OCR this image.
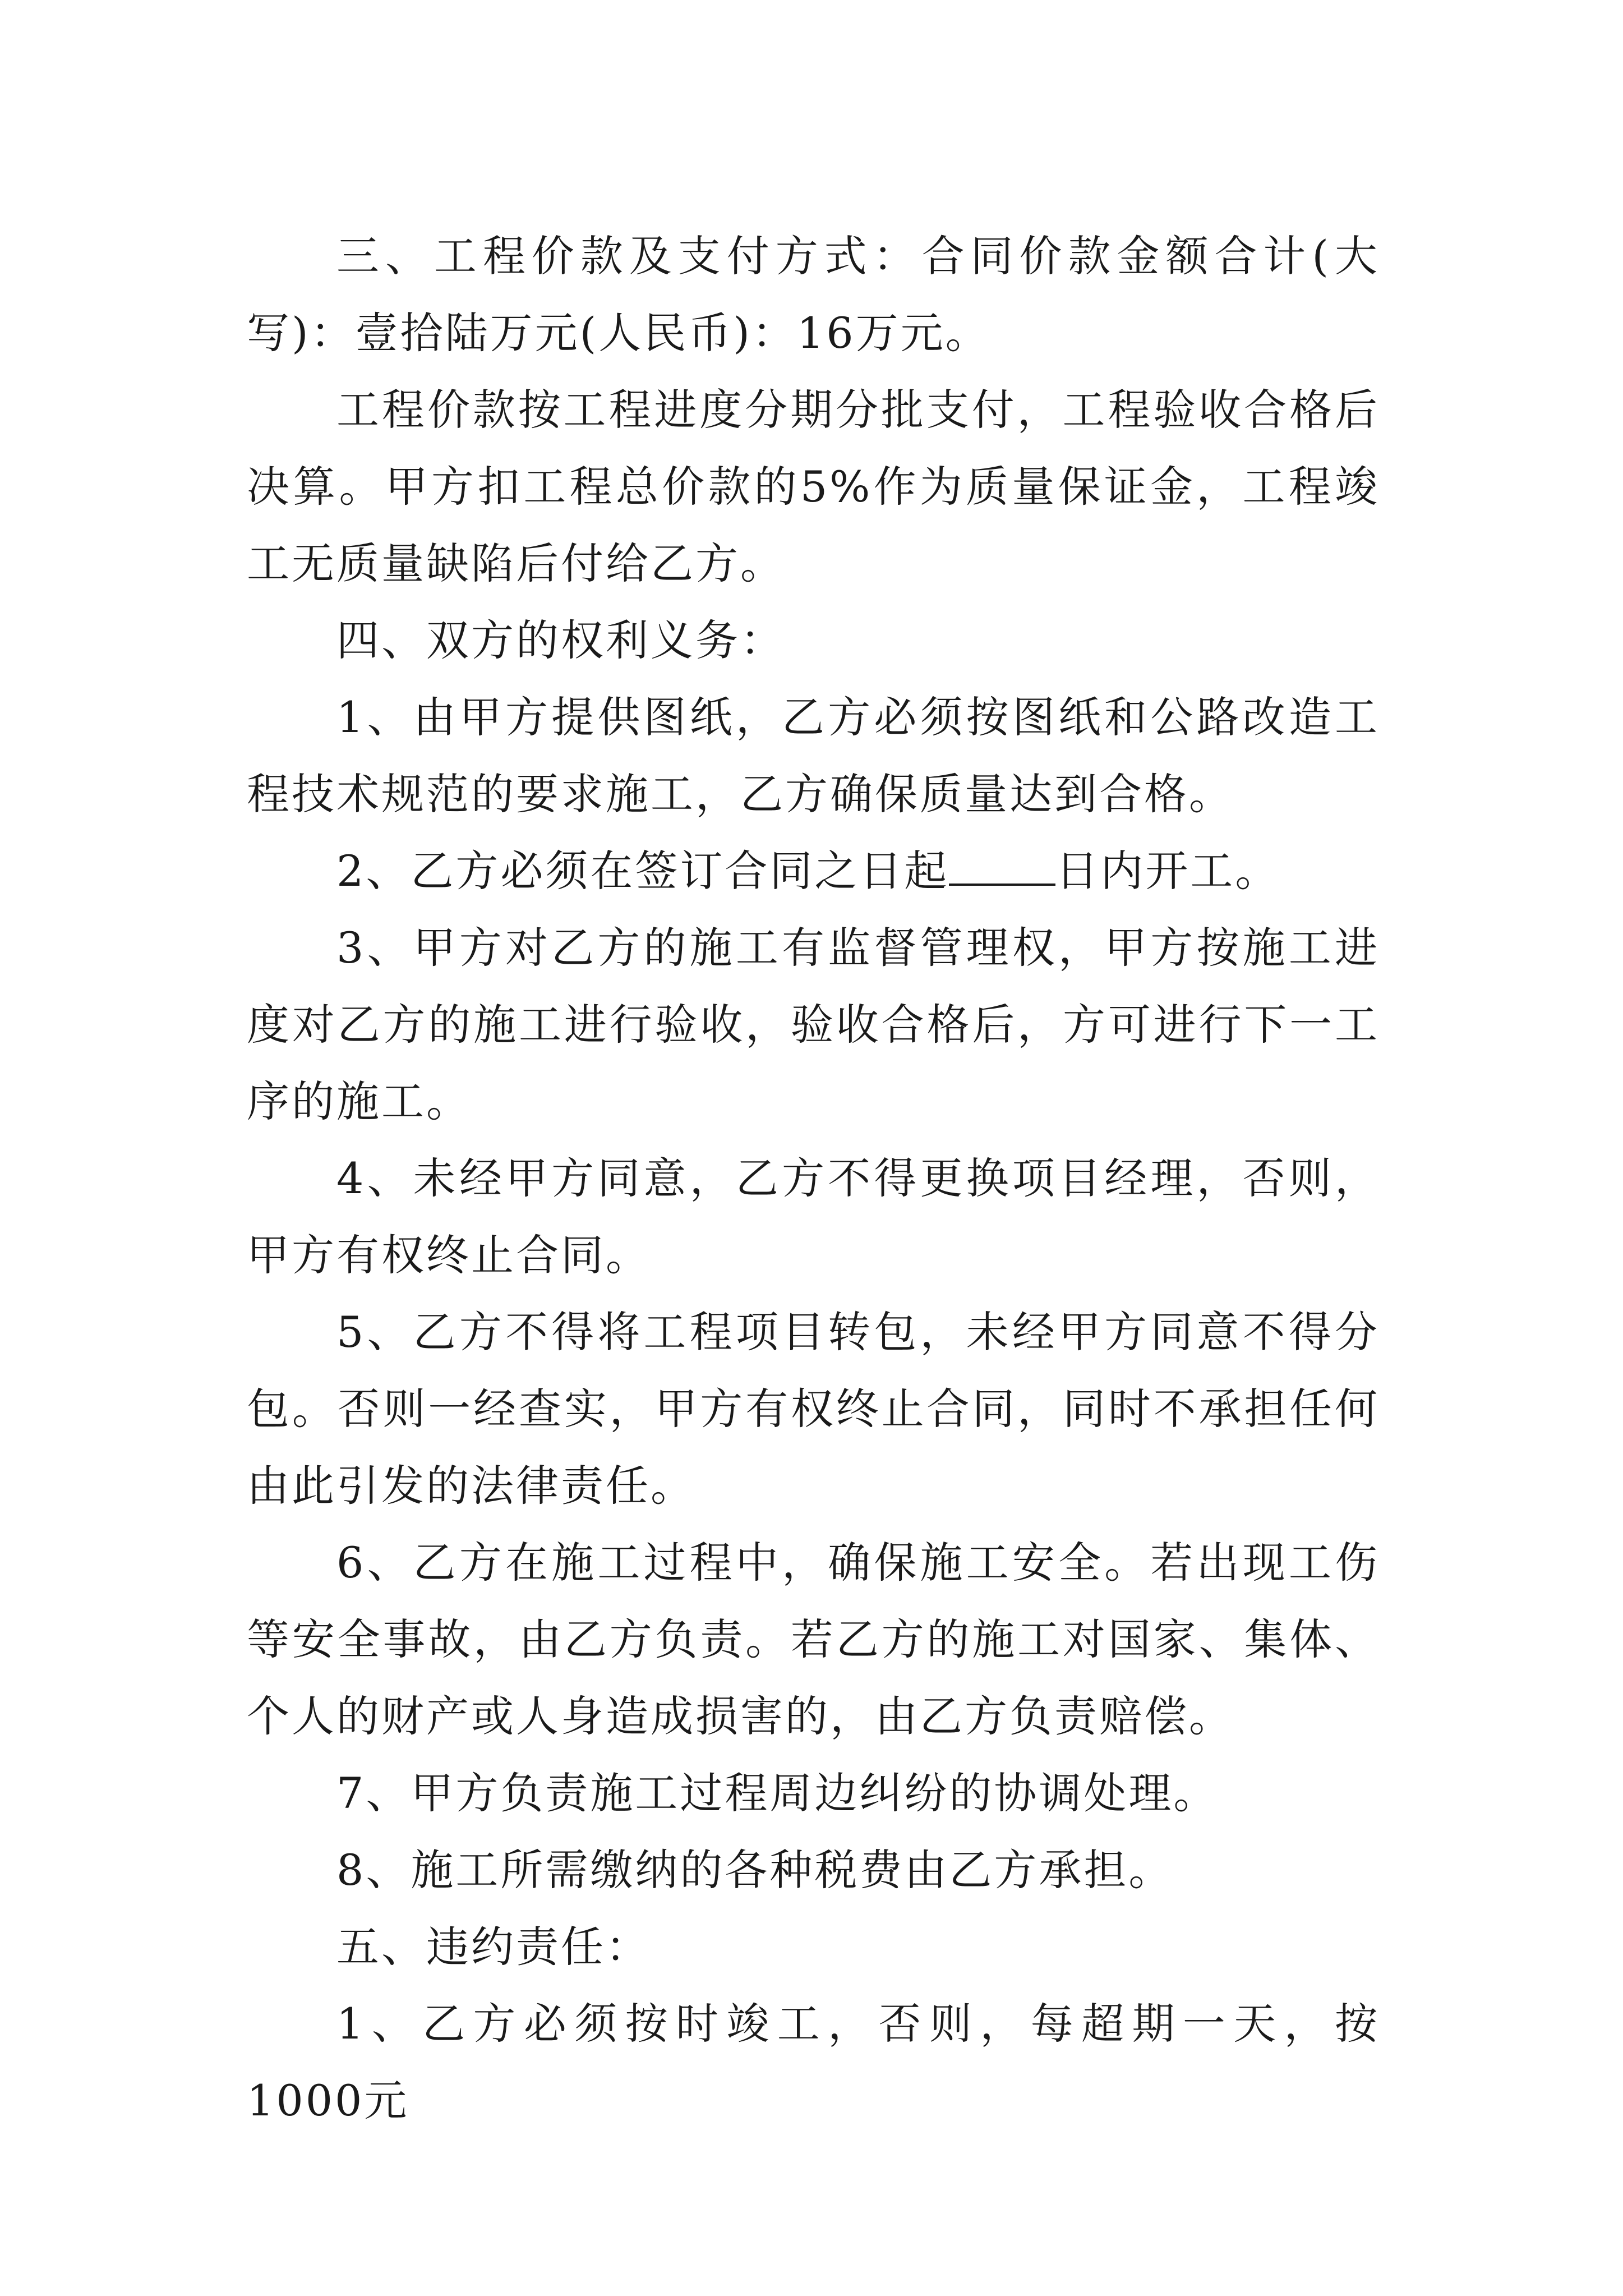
三、工程价款及支付方式：合同价款金额合计(大写)：壹拾陆万元(人民币)：16万元。

工程价款按工程进度分期分批支付，工程验收合格后决算。甲方扣工程总价款的5%作为质量保证金，工程竣工无质量缺陷后付给乙方。

四、双方的权利义务：

1、由甲方提供图纸，乙方必须按图纸和公路改造工程技术规范的要求施工，乙方确保质量达到合格。

2、乙方必须在签订合同之日起	日内开工。

3、甲方对乙方的施工有监督管理权，甲方按施工进度对乙方的施工进行验收，验收合格后，方可进行下一工序的施工。

4、未经甲方同意，乙方不得更换项目经理，否则，甲方有权终止合同。

5、乙方不得将工程项目转包，未经甲方同意不得分包。否则一经查实，甲方有权终止合同，同时不承担任何由此引发的法律责任。

6、乙方在施工过程中，确保施工安全。若出现工伤等安全事故，由乙方负责。若乙方的施工对国家、集体、个人的财产或人身造成损害的，由乙方负责赔偿。

7、甲方负责施工过程周边纠纷的协调处理。

8、施工所需缴纳的各种税费由乙方承担。

五、违约责任：

1、乙方必须按时竣工，否则，每超期一天，按1000元
